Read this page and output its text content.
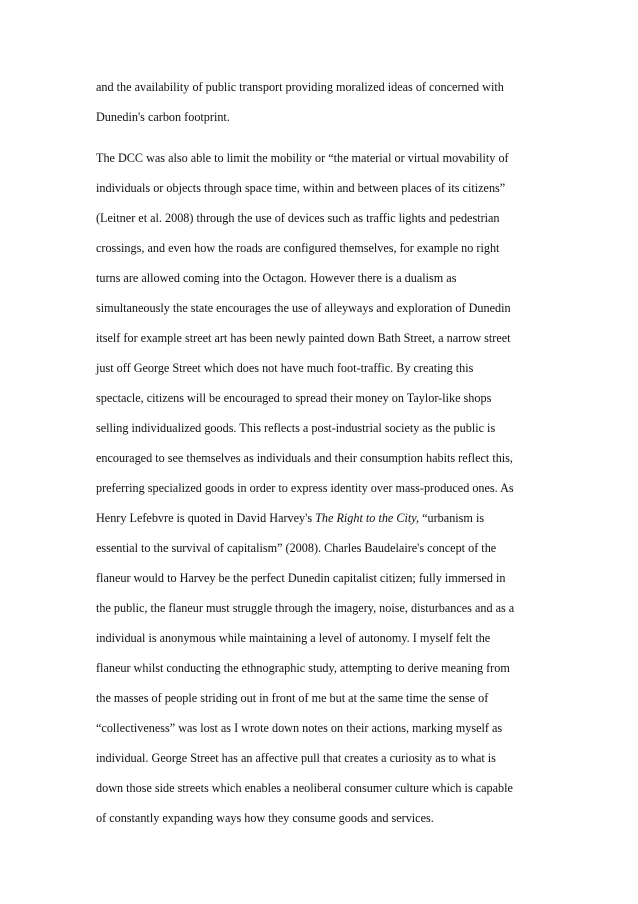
and the availability of public transport providing moralized ideas of concerned with

Dunedin's carbon footprint.

The DCC was also able to limit the mobility or “the material or virtual movability of

individuals or objects through space time, within and between places of its citizens”

(Leitner et al. 2008) through the use of devices such as traffic lights and pedestrian

crossings, and even how the roads are configured themselves, for example no right

turns are allowed coming into the Octagon. However there is a dualism as

simultaneously the state encourages the use of alleyways and exploration of Dunedin

itself for example street art has been newly painted down Bath Street, a narrow street

just off George Street which does not have much foot-traffic. By creating this

spectacle, citizens will be encouraged to spread their money on Taylor-like shops

selling individualized goods. This reflects a post-industrial society as the public is

encouraged to see themselves as individuals and their consumption habits reflect this,

preferring specialized goods in order to express identity over mass-produced ones. As

Henry Lefebvre is quoted in David Harvey's The Right to the City, “urbanism is

essential to the survival of capitalism” (2008). Charles Baudelaire's concept of the

flaneur would to Harvey be the perfect Dunedin capitalist citizen; fully immersed in

the public, the flaneur must struggle through the imagery, noise, disturbances and as a

individual is anonymous while maintaining a level of autonomy. I myself felt the

flaneur whilst conducting the ethnographic study, attempting to derive meaning from

the masses of people striding out in front of me but at the same time the sense of

“collectiveness” was lost as I wrote down notes on their actions, marking myself as

individual. George Street has an affective pull that creates a curiosity as to what is

down those side streets which enables a neoliberal consumer culture which is capable

of constantly expanding ways how they consume goods and services.
